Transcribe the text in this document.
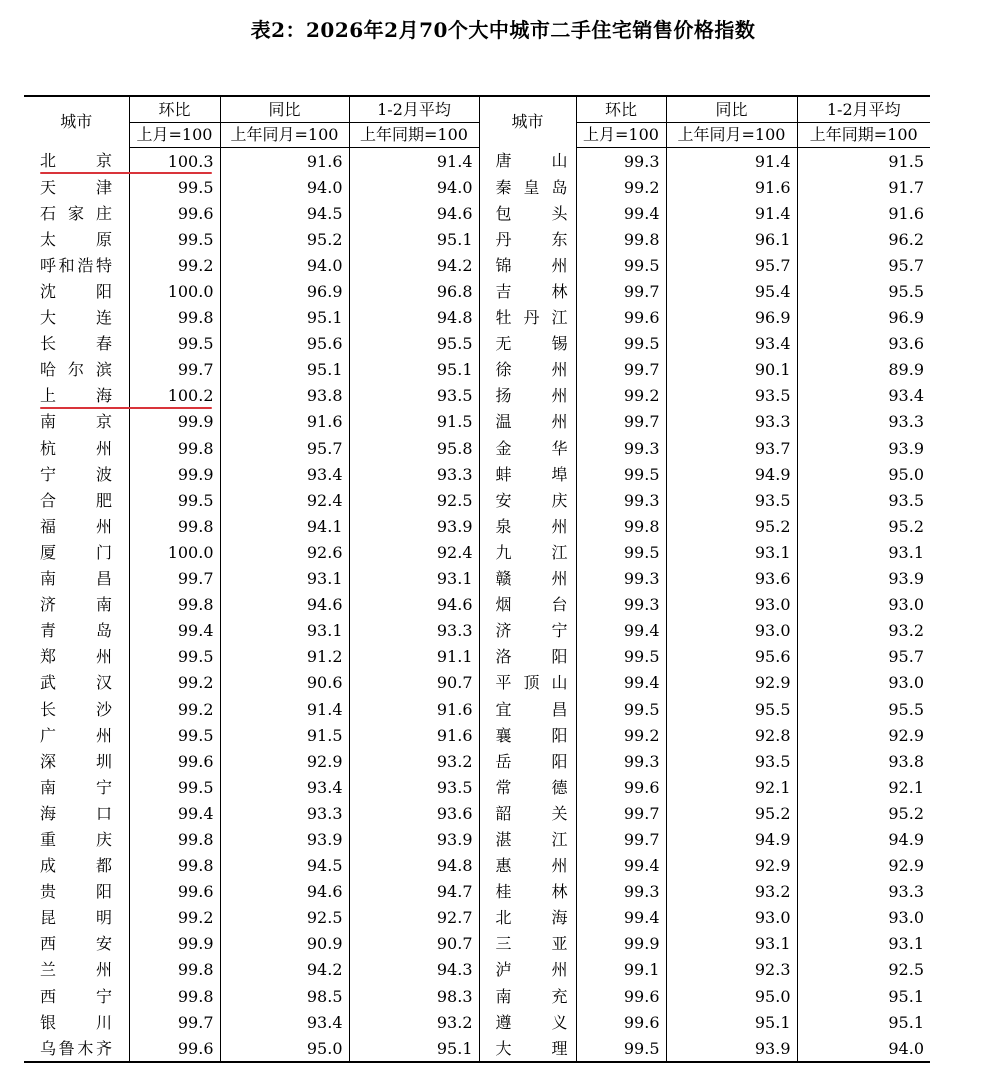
表2：2026年2月70个大中城市二手住宅销售价格指数
城市	环比	同比	1-2月平均	城市	环比	同比	1-2月平均
	上月=100	上年同月=100	上年同期=100		上月=100	上年同月=100	上年同期=100

北 京	100.3	91.6	91.4	唐 山	99.3	91.4	91.5

天 津	99.5	94.0	94.0	秦 皇 岛	99.2	91.6	91.7

石 家 庄	99.6	94.5	94.6	包 头	99.4	91.4	91.6

太 原	99.5	95.2	95.1	丹 东	99.8	96.1	96.2

呼 和 浩 特	99.2	94.0	94.2	锦 州	99.5	95.7	95.7

沈 阳	100.0	96.9	96.8	吉 林	99.7	95.4	95.5

大 连	99.8	95.1	94.8	牡 丹 江	99.6	96.9	96.9

长 春	99.5	95.6	95.5	无 锡	99.5	93.4	93.6

哈 尔 滨	99.7	95.1	95.1	徐 州	99.7	90.1	89.9

上 海	100.2	93.8	93.5	扬 州	99.2	93.5	93.4

南 京	99.9	91.6	91.5	温 州	99.7	93.3	93.3

杭 州	99.8	95.7	95.8	金 华	99.3	93.7	93.9

宁 波	99.9	93.4	93.3	蚌 埠	99.5	94.9	95.0

合 肥	99.5	92.4	92.5	安 庆	99.3	93.5	93.5

福 州	99.8	94.1	93.9	泉 州	99.8	95.2	95.2

厦 门	100.0	92.6	92.4	九 江	99.5	93.1	93.1

南 昌	99.7	93.1	93.1	赣 州	99.3	93.6	93.9

济 南	99.8	94.6	94.6	烟 台	99.3	93.0	93.0

青 岛	99.4	93.1	93.3	济 宁	99.4	93.0	93.2

郑 州	99.5	91.2	91.1	洛 阳	99.5	95.6	95.7

武 汉	99.2	90.6	90.7	平 顶 山	99.4	92.9	93.0

长 沙	99.2	91.4	91.6	宜 昌	99.5	95.5	95.5

广 州	99.5	91.5	91.6	襄 阳	99.2	92.8	92.9

深 圳	99.6	92.9	93.2	岳 阳	99.3	93.5	93.8

南 宁	99.5	93.4	93.5	常 德	99.6	92.1	92.1

海 口	99.4	93.3	93.6	韶 关	99.7	95.2	95.2

重 庆	99.8	93.9	93.9	湛 江	99.7	94.9	94.9

成 都	99.8	94.5	94.8	惠 州	99.4	92.9	92.9

贵 阳	99.6	94.6	94.7	桂 林	99.3	93.2	93.3

昆 明	99.2	92.5	92.7	北 海	99.4	93.0	93.0

西 安	99.9	90.9	90.7	三 亚	99.9	93.1	93.1

兰 州	99.8	94.2	94.3	泸 州	99.1	92.3	92.5

西 宁	99.8	98.5	98.3	南 充	99.6	95.0	95.1

银 川	99.7	93.4	93.2	遵 义	99.6	95.1	95.1

乌 鲁 木 齐	99.6	95.0	95.1	大 理	99.5	93.9	94.0
